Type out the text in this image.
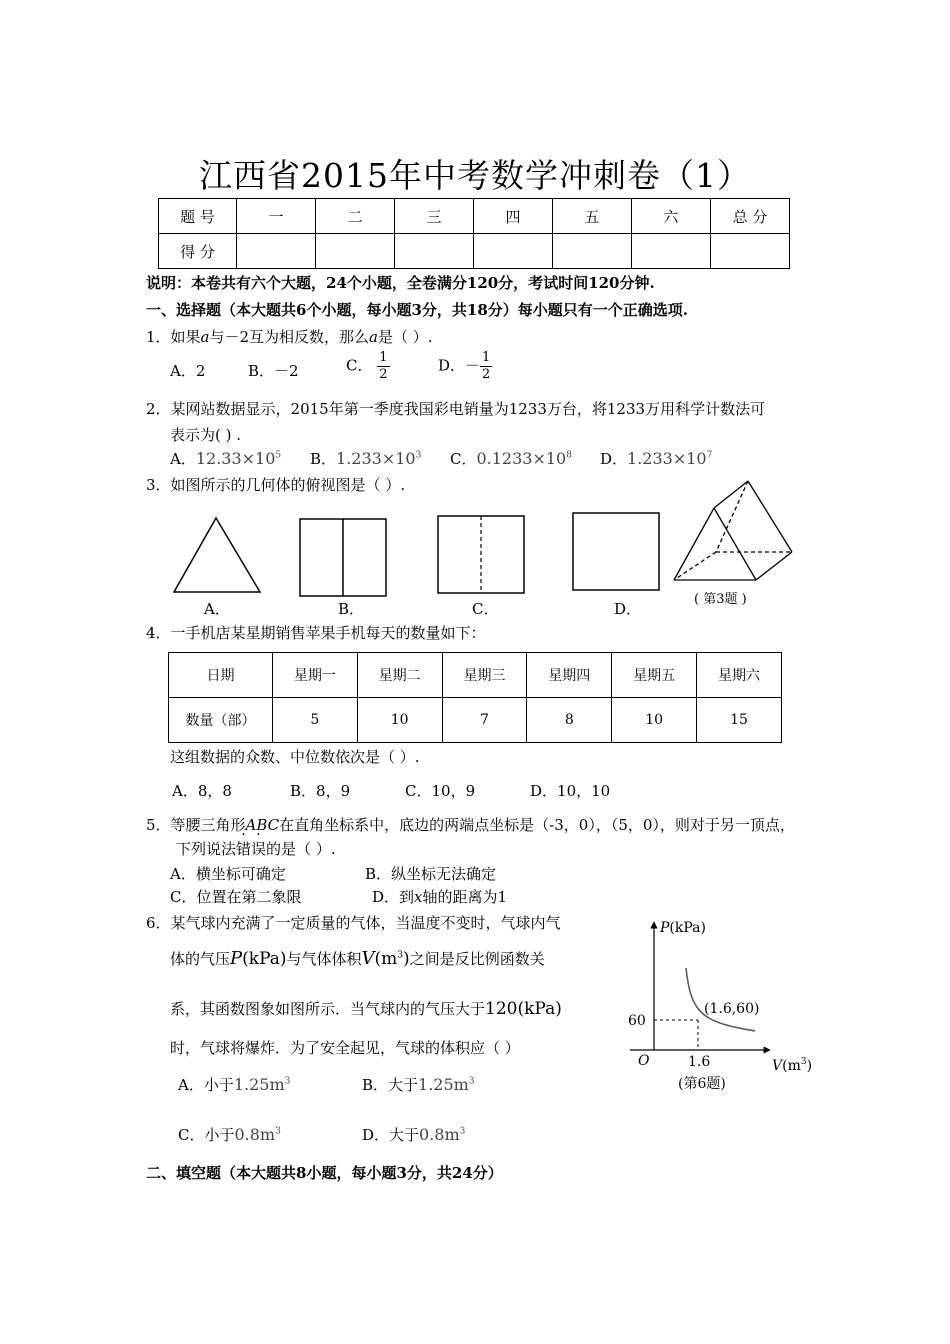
江西省2015年中考数学冲刺卷（1）
题 号	一	二	三	四	五	六	总 分
得 分							
说明：本卷共有六个大题，24个小题，全卷满分120分，考试时间120分钟.
一、选择题（本大题共6个小题，每小题3分，共18分）每小题只有一个正确选项.
1．如果a与－2互为相反数，那么a是（ ）.
A．2	B．－2	C． $\frac{1}{2}$	D．－ $\frac{1}{2}$
2．某网站数据显示，2015年第一季度我国彩电销量为1233万台，将1233万用科学计数法可
表示为( ) .
A．$12.33\times 10^5$ B．$1.233\times 10^3$ C．$0.1233\times 10^8$ D．$1.233\times 10^7$
3．如图所示的几何体的俯视图是（ ）.
A．	B．	C．	D．
( 第3题 )
4．一手机店某星期销售苹果手机每天的数量如下：
日期	星期一	星期二	星期三	星期四	星期五	星期六
数量（部）	5	10	7	8	10	15
这组数据的众数、中位数依次是（ ）.
A．8，8	B．8，9	C．10，9	D．10，10
5．等腰三角形ABC在直角坐标系中，底边的两端点坐标是（-3，0），（5，0），则对于另一顶点，
下列说法错误的是（ ）.
A．横坐标可确定	B．纵坐标无法确定
C．位置在第二象限	D．到x轴的距离为1
6．某气球内充满了一定质量的气体，当温度不变时，气球内气
体的气压P(kPa)与气体体积$V(m^3)$之间是反比例函数关
系，其函数图象如图所示．当气球内的气压大于120(kPa)
时，气球将爆炸．为了安全起见，气球的体积应（ ）
A．小于$1.25m^3$	B．大于$1.25m^3$
C．小于$0.8m^3$	D．大于$0.8m^3$
P(kPa)
$V(m^3)$
O
60
1.6
(1.6,60)
(第6题)
二、填空题（本大题共8小题，每小题3分，共24分）
